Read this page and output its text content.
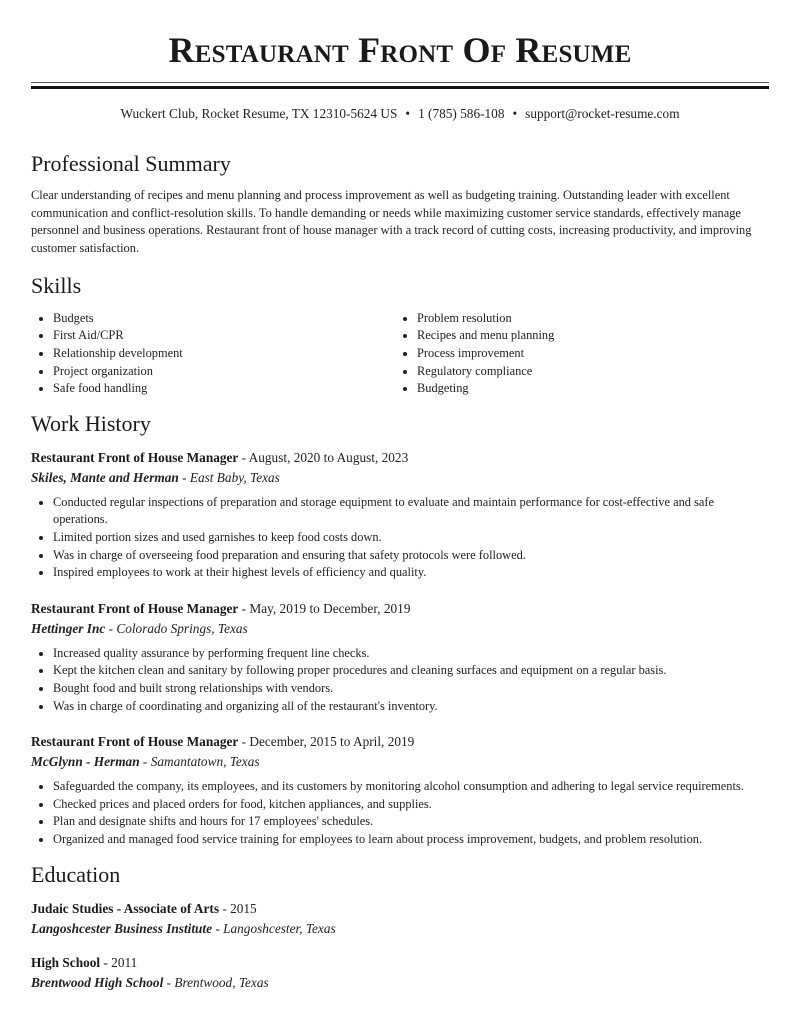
Restaurant Front Of Resume
Wuckert Club, Rocket Resume, TX 12310-5624 US • 1 (785) 586-108 • support@rocket-resume.com
Professional Summary

Clear understanding of recipes and menu planning and process improvement as well as budgeting training. Outstanding leader with excellent communication and conflict-resolution skills. To handle demanding or needs while maximizing customer service standards, effectively manage personnel and business operations. Restaurant front of house manager with a track record of cutting costs, increasing productivity, and improving customer satisfaction.

Skills
Budgets
First Aid/CPR
Relationship development
Project organization
Safe food handling
Problem resolution
Recipes and menu planning
Process improvement
Regulatory compliance
Budgeting
Work History
Restaurant Front of House Manager - August, 2020 to August, 2023
Skiles, Mante and Herman - East Baby, Texas
Conducted regular inspections of preparation and storage equipment to evaluate and maintain performance for cost-effective and safe operations.
Limited portion sizes and used garnishes to keep food costs down.
Was in charge of overseeing food preparation and ensuring that safety protocols were followed.
Inspired employees to work at their highest levels of efficiency and quality.
Restaurant Front of House Manager - May, 2019 to December, 2019
Hettinger Inc - Colorado Springs, Texas
Increased quality assurance by performing frequent line checks.
Kept the kitchen clean and sanitary by following proper procedures and cleaning surfaces and equipment on a regular basis.
Bought food and built strong relationships with vendors.
Was in charge of coordinating and organizing all of the restaurant's inventory.
Restaurant Front of House Manager - December, 2015 to April, 2019
McGlynn - Herman - Samantatown, Texas
Safeguarded the company, its employees, and its customers by monitoring alcohol consumption and adhering to legal service requirements.
Checked prices and placed orders for food, kitchen appliances, and supplies.
Plan and designate shifts and hours for 17 employees' schedules.
Organized and managed food service training for employees to learn about process improvement, budgets, and problem resolution.
Education
Judaic Studies - Associate of Arts - 2015
Langoshcester Business Institute - Langoshcester, Texas
High School - 2011
Brentwood High School - Brentwood, Texas
